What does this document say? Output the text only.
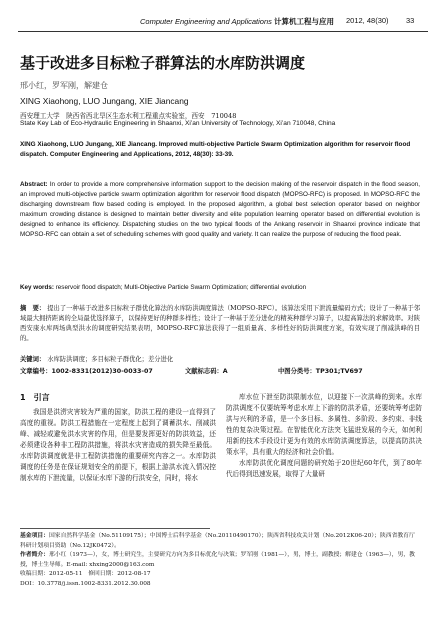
Computer Engineering and Applications 计算机工程与应用 2012, 48(30) 33
基于改进多目标粒子群算法的水库防洪调度
邢小红，罗军刚，解建仓
XING Xiaohong, LUO Jungang, XIE Jiancang
西安理工大学　陕西省西北旱区生态水利工程重点实验室，西安　710048
State Key Lab of Eco-Hydraulic Engineering in Shaanxi, Xi’an University of Technology, Xi’an 710048, China
XING Xiaohong, LUO Jungang, XIE Jiancang. Improved multi-objective Particle Swarm Optimization algorithm for reservoir flood dispatch. Computer Engineering and Applications, 2012, 48(30): 33-39.
Abstract: In order to provide a more comprehensive information support to the decision making of the reservoir dispatch in the flood season, an improved multi-objective particle swarm optimization algorithm for reservoir flood dispatch (MOPSO-RFC) is proposed. In MOPSO-RFC the discharging downstream flow based coding is employed. In the proposed algorithm, a global best selection operator based on neighbor maximum crowding distance is designed to maintain better diversity and elite population learning operator based on differential evolution is designed to enhance its efficiency. Dispatching studies on the two typical floods of the Ankang reservoir in Shaanxi province indicate that MOPSO-RFC can obtain a set of scheduling schemes with good quality and variety. It can realize the purpose of reducing the flood peak.
Key words: reservoir flood dispatch; Multi-Objective Particle Swarm Optimization; differential evolution
摘　要： 提出了一种基于改进多目标粒子群优化算法的水库防洪调度算法（MOPSO-RFC）。该算法采用下泄流量编码方式；设计了一种基于邻域最大拥挤距离的全局最优选择算子，以保持更好的种群多样性；设计了一种基于差分进化的精英种群学习算子，以提高算法的求解效率。对陕西安康水库两场典型洪水的调度研究结果表明，MOPSO-RFC算法获得了一组质量高、多样性好的防洪调度方案，有效实现了削减洪峰的目的。
关键词： 水库防洪调度；多目标粒子群优化；差分进化
文章编号：1002-8331(2012)30-0033-07	文献标志码：A	中图分类号：TP301;TV697
1　引言
我国是洪涝灾害较为严重的国家，防洪工程的建设一直得到了高度的重视。防洪工程措施在一定程度上起到了调蓄洪水、削减洪峰、减轻或避免洪水灾害的作用，但是要发挥更好的防洪效益，还必须建设各种非工程防洪措施，将洪水灾害造成的损失降至最低。水库防洪调度就是非工程防洪措施的重要研究内容之一。水库防洪调度的任务是在保证规划安全的前提下，根据上游洪水流入情况控制水库的下泄流量，以保证水库下游的行洪安全，同时，将水
库水位下泄至防洪限制水位，以迎接下一次洪峰的到来。水库防洪调度不仅要统筹考虑水库上下游的防洪矛盾，还要统筹考虑防洪与兴利的矛盾，是一个多目标、多属性、多阶段、多约束、非线性的复杂决策过程。在智能优化方法突飞猛进发展的今天，如何利用新的技术手段设计更为有效的水库防洪调度算法，以提高防洪决策水平，具有重大的经济和社会价值。
水库防洪优化调度问题的研究始于20世纪60年代，到了80年代后得到迅速发展，取得了大量研
基金项目：国家自然科学基金（No.51109175）；中国博士后科学基金（No.20110490170）；陕西省科技攻关计划（No.2012K06-20）；陕西省教育厅科研计划项目资助（No.12JK0472）。
作者简介：邢小红（1973—），女，博士研究生，主要研究方向为多目标优化与决策；罗军刚（1981—），男，博士，副教授；解建仓（1963—），男，教授，博士生导师。E-mail: xhxing2000@163.com
收稿日期：2012-05-11　修回日期：2012-08-17
DOI：10.3778/j.issn.1002-8331.2012.30.008
